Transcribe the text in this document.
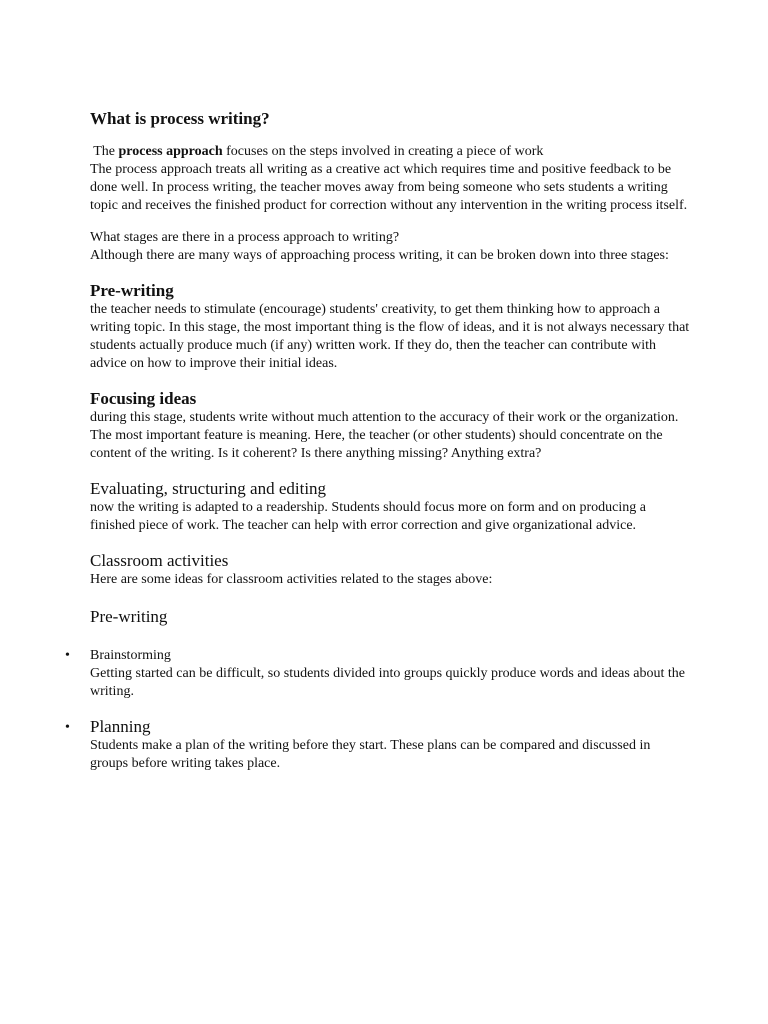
What is process writing?

The process approach focuses on the steps involved in creating a piece of work

The process approach treats all writing as a creative act which requires time and positive feedback to be done well. In process writing, the teacher moves away from being someone who sets students a writing topic and receives the finished product for correction without any intervention in the writing process itself.

What stages are there in a process approach to writing?

Although there are many ways of approaching process writing, it can be broken down into three stages:

Pre-writing

the teacher needs to stimulate (encourage) students' creativity, to get them thinking how to approach a writing topic. In this stage, the most important thing is the flow of ideas, and it is not always necessary that students actually produce much (if any) written work. If they do, then the teacher can contribute with advice on how to improve their initial ideas.

Focusing ideas

during this stage, students write without much attention to the accuracy of their work or the organization. The most important feature is meaning. Here, the teacher (or other students) should concentrate on the content of the writing. Is it coherent? Is there anything missing? Anything extra?

Evaluating, structuring and editing

now the writing is adapted to a readership. Students should focus more on form and on producing a finished piece of work. The teacher can help with error correction and give organizational advice.

Classroom activities

Here are some ideas for classroom activities related to the stages above:

Pre-writing
• Brainstorming

Getting started can be difficult, so students divided into groups quickly produce words and ideas about the writing.

• Planning

Students make a plan of the writing before they start. These plans can be compared and discussed in groups before writing takes place.
